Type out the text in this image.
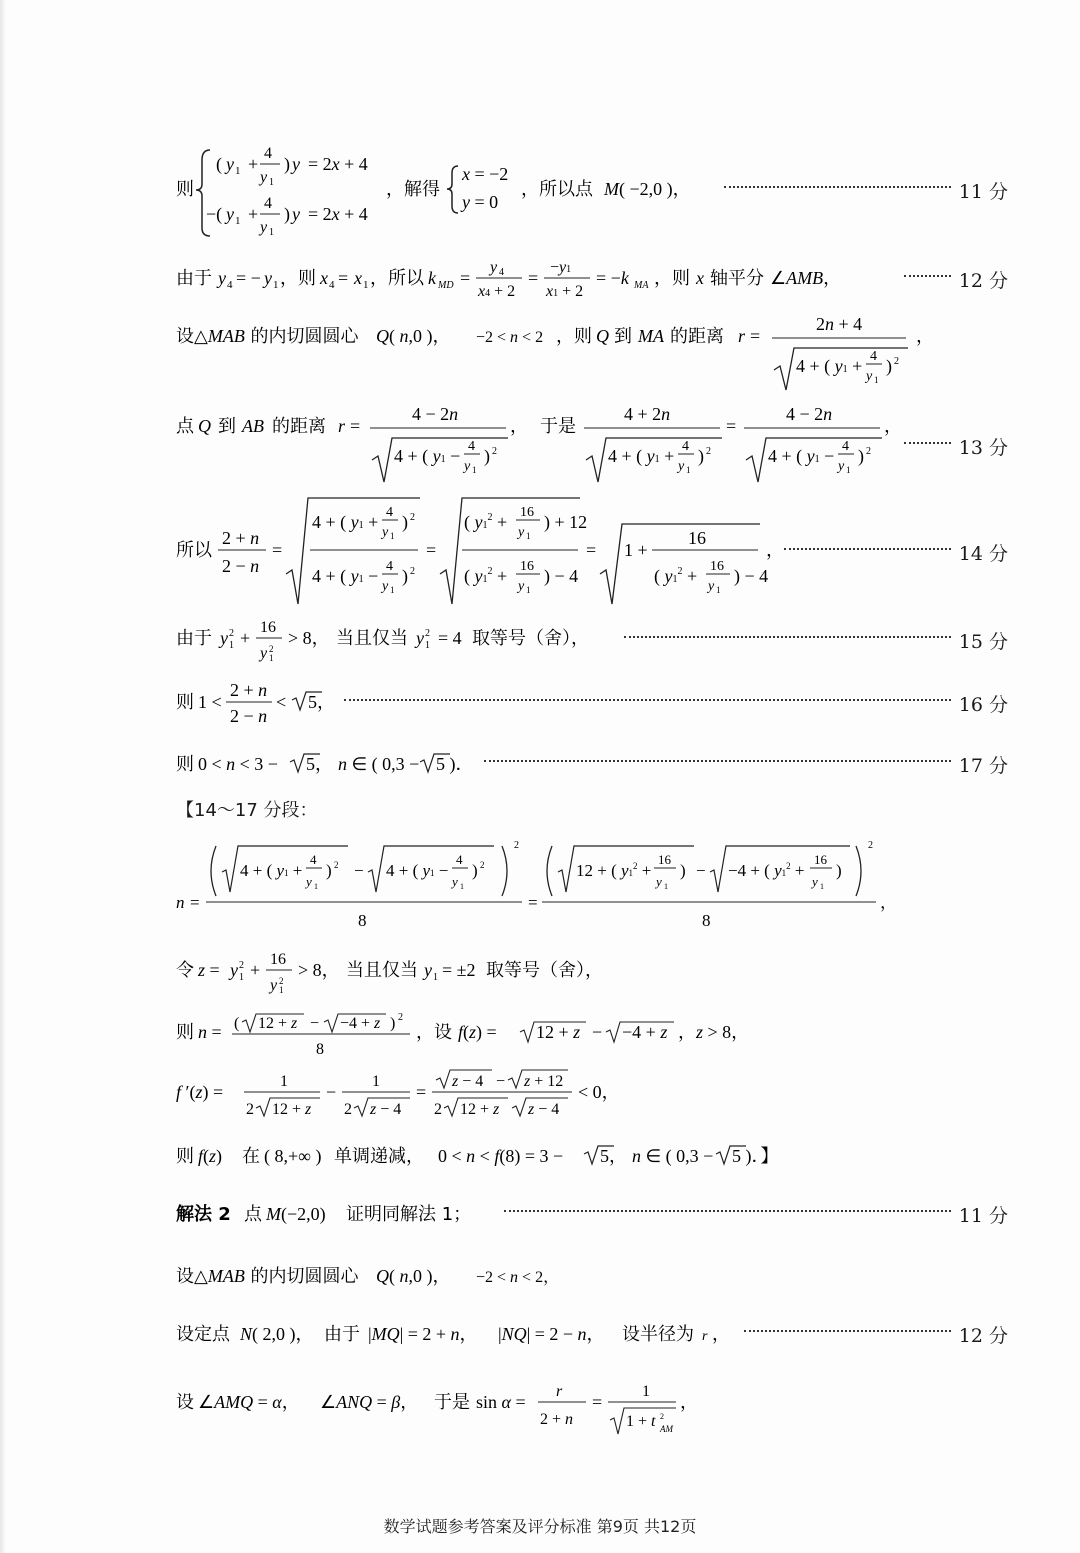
则
( y 1 +
4
y 1
) y = 2x + 4
−( y 1 +
4
y 1
) y = 2x + 4
，解得
x = −2
y = 0
，所以点 M( −2,0 )，	11 分
由于 y 4 = − y 1 ，则 x 4 = x 1 ，所以 k MD =
y 4
x4 + 2
=
−y1
x1 + 2
= −k MA ，则 x 轴平分 ∠AMB，	12 分
设△MAB 的内切圆圆心 Q( n,0 )， −2 < n < 2 ，则 Q 到 MA 的距离 r =
2n + 4
4 + ( y1 + 4
y 1
) 2
，
点 Q 到 AB 的距离 r =
4 − 2n
4 + ( y1 − 4
y 1
) 2
， 于是
4 + 2n
4 + ( y1 + 4
y 1
) 2
=
4 − 2n
4 + ( y1 − 4
y 1
) 2
，
13 分
所以
2 + n
2 − n
=
4 + ( y1 + 4
y 1
) 2
4 + ( y1 − 4
y 1
) 2
=
( $y1^2 + 16$
y 1
) + 12
( $y1^2 + 16$
y 1
) − 4
= 1 +
16
( $y1^2 + 16$
y 1
) − 4
，	14 分
由于 y 1
2 +
16
y 1
2
> 8， 当且仅当 y 1
2 = 4 取等号（舍），	15 分
则 1 <
2 + n
2 − n
< 5，	16 分
则 0 < n < 3 − 5， n ∈ ( 0,3 − 5 )．	17 分
【14～17 分段：
n =
4 + ( y1 +
4
y 1
) 2 − 4 + ( y1 −
4
y 1
) 2
2
8
=
12 + ( $y1^2$ +
16
y 1
) − −4 + ( $y1^2$ +
16
y 1
)
2
8
，
令 z = y 1
2 +
16
y 1
2
> 8， 当且仅当 y 1 = ±2 取等号（舍），
则 n = ( 12 + z − −4 + z ) 2
8
，设 f(z) = 12 + z − −4 + z ，z > 8，
f ′(z) =
1
2 12 + z
−
1
2 z − 4
=
z − 4 − z + 12
2 12 + z z − 4
< 0，
则 f(z) 在 ( 8,+∞ ) 单调递减， 0 < n < f(8) = 3 − 5， n ∈ ( 0,3 − 5 )．】
解法 2 点 M(−2,0) 证明同解法 1；	11 分
设△MAB 的内切圆圆心 Q( n,0 )， −2 < n < 2，
设定点 N( 2,0 )， 由于 |MQ| = 2 + n， |NQ| = 2 − n， 设半径为 r ，	12 分
设 ∠AMQ = α， ∠ANQ = β， 于是 sin α =
r
2 + n
=
1
1 + t 2
AM
，
数学试题参考答案及评分标准 第9页 共12页
